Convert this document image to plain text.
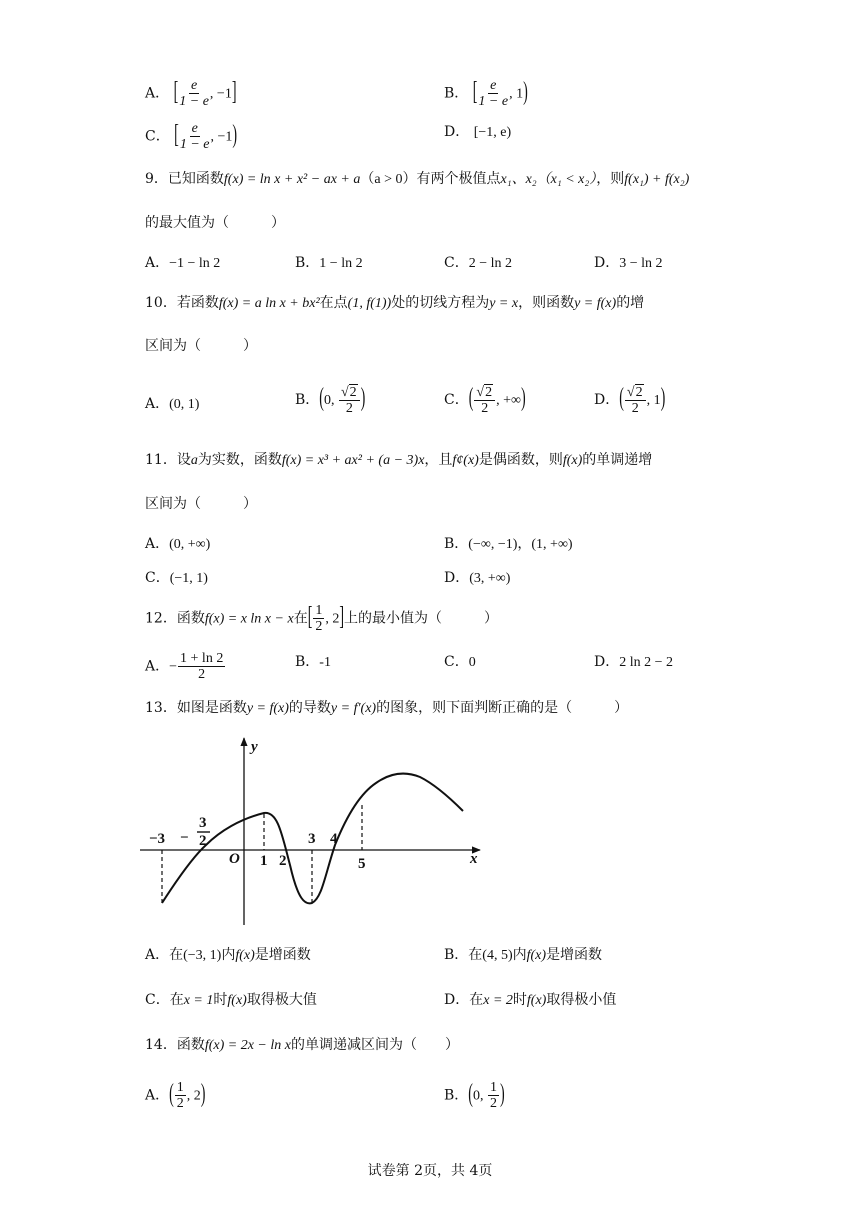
A． [ $\frac{e}{1 - e}$ , −1]	B． [ $\frac{e}{1 - e}$ , 1)
C． [ $\frac{e}{1 - e}$ , −1)	D． [−1, e)
9．已知函数f(x) = ln x + x² − ax + a（a > 0）有两个极值点x₁、x₂（x₁ < x₂），则f(x₁) + f(x₂)
的最大值为（　　　）
A．−1 − ln 2	B．1 − ln 2	C．2 − ln 2	D．3 − ln 2
10．若函数f(x) = a ln x + bx²在点(1, f(1))处的切线方程为y = x，则函数y = f(x)的增
区间为（　　　）
A．(0, 1)	B．(0, $\frac{√2}{2}$ )	C．( $\frac{√2}{2}$ , +∞)	D．( $\frac{√2}{2}$ , 1)
11．设a为实数，函数f(x) = x³ + ax² + (a − 3)x，且f¢(x)是偶函数，则f(x)的单调递增
区间为（　　　）
A．(0, +∞)	B．(−∞, −1)，(1, +∞)
C．(−1, 1)	D．(3, +∞)
12．函数f(x) = x ln x − x在[ $\frac{1}{2}$ , 2]上的最小值为（　　　）
A．− $\frac{1 + \ln 2}{2}$	B．-1	C．0	D．2 ln 2 − 2
13．如图是函数y = f(x)的导数y = f′(x)的图象，则下面判断正确的是（　　　）
y
x
O
−3 −
3
2
1 2
3 4
5
A．在(−3, 1)内f(x)是增函数	B．在(4, 5)内f(x)是增函数
C．在x = 1时f(x)取得极大值	D．在x = 2时f(x)取得极小值
14．函数f(x) = 2x − ln x的单调递减区间为（　　）
A．( $\frac{1}{2}$ , 2)	B．(0, $\frac{1}{2}$ )
试卷第 2页，共 4页
